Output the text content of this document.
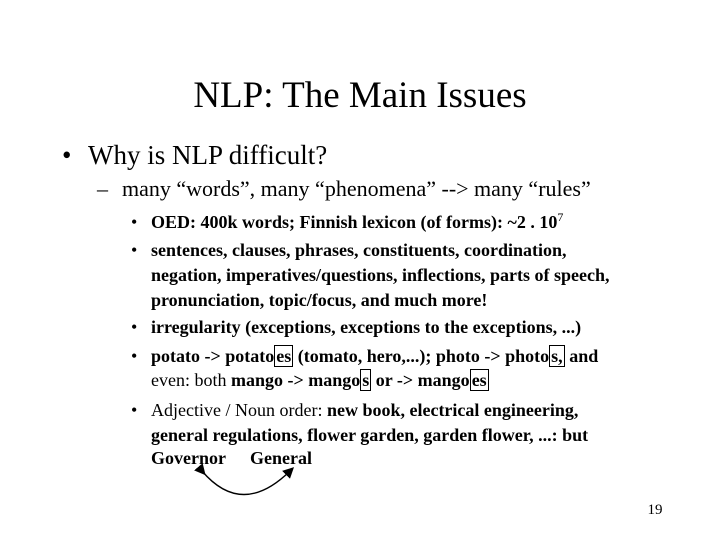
NLP: The Main Issues
• Why is NLP difficult?
– many “words”, many “phenomena” --> many “rules”
• OED: 400k words; Finnish lexicon (of forms): ~2 . $10^7$
• sentences, clauses, phrases, constituents, coordination,
negation, imperatives/questions, inflections, parts of speech,
pronunciation, topic/focus, and much more!
• irregularity (exceptions, exceptions to the exceptions, ...)
• potato -> potato es (tomato, hero,...); photo -> photo s, and
even: both mango -> mango s or -> mango es
• Adjective / Noun order: new book, electrical engineering,
general regulations, flower garden, garden flower, ...: but
Governor General
19
